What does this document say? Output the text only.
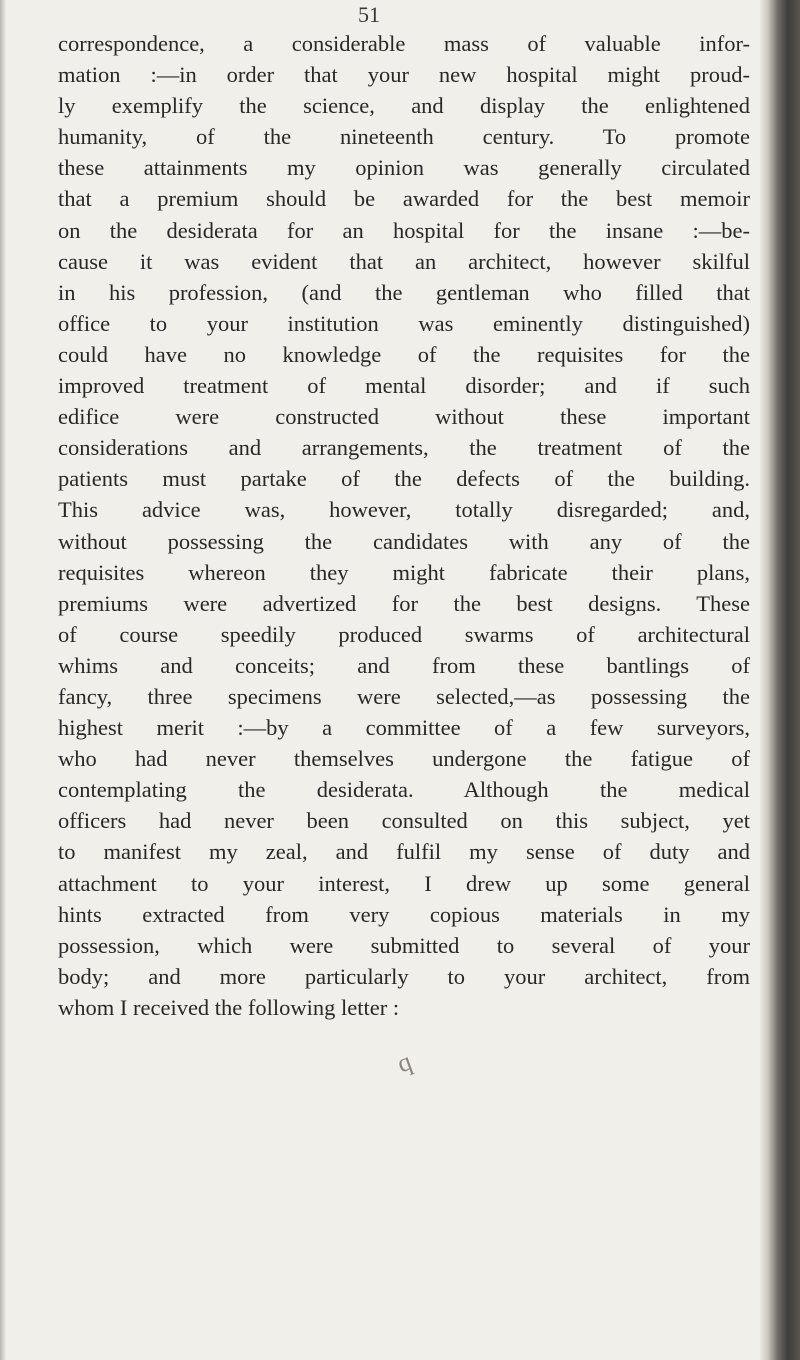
51
correspondence, a considerable mass of valuable infor-
mation :—in order that your new hospital might proud-
ly exemplify the science, and display the enlightened
humanity, of the nineteenth century. To promote
these attainments my opinion was generally circulated
that a premium should be awarded for the best memoir
on the desiderata for an hospital for the insane :—be-
cause it was evident that an architect, however skilful
in his profession, (and the gentleman who filled that
office to your institution was eminently distinguished)
could have no knowledge of the requisites for the
improved treatment of mental disorder; and if such
edifice were constructed without these important
considerations and arrangements, the treatment of the
patients must partake of the defects of the building.
This advice was, however, totally disregarded; and,
without possessing the candidates with any of the
requisites whereon they might fabricate their plans,
premiums were advertized for the best designs. These
of course speedily produced swarms of architectural
whims and conceits; and from these bantlings of
fancy, three specimens were selected,—as possessing the
highest merit :—by a committee of a few surveyors,
who had never themselves undergone the fatigue of
contemplating the desiderata. Although the medical
officers had never been consulted on this subject, yet
to manifest my zeal, and fulfil my sense of duty and
attachment to your interest, I drew up some general
hints extracted from very copious materials in my
possession, which were submitted to several of your
body; and more particularly to your architect, from
whom I received the following letter :
q
